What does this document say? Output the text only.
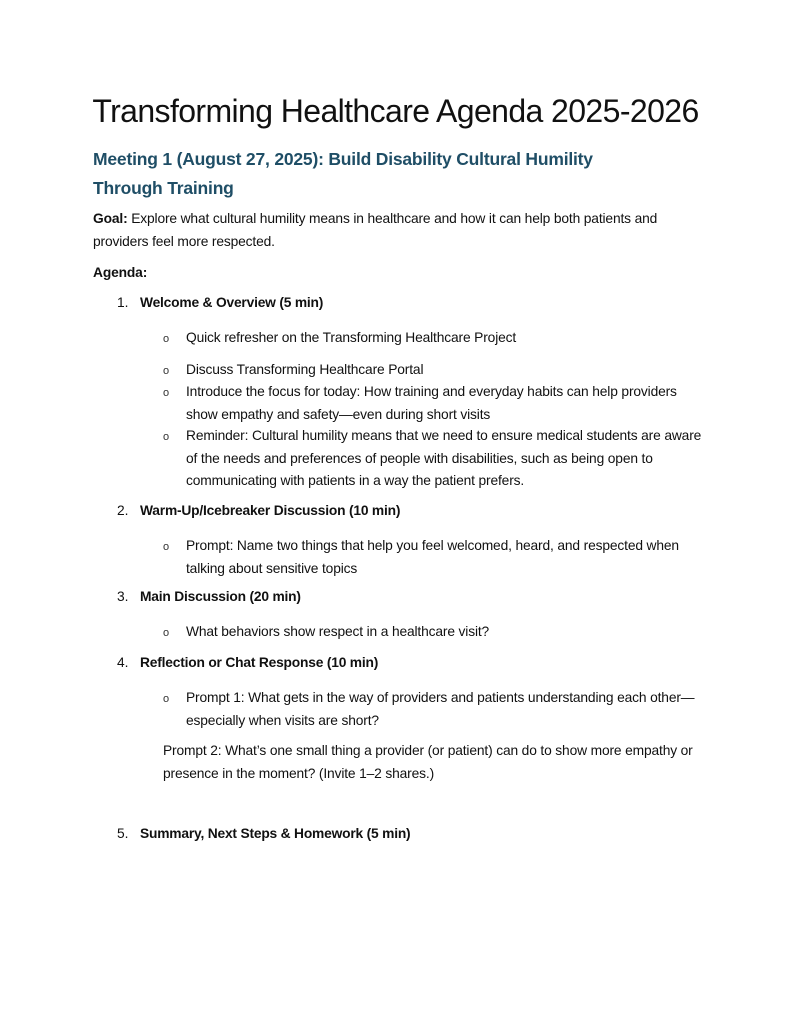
Transforming Healthcare Agenda 2025-2026
Meeting 1 (August 27, 2025): Build Disability Cultural Humility Through Training
Goal: Explore what cultural humility means in healthcare and how it can help both patients and providers feel more respected.
Agenda:
1. Welcome & Overview (5 min)
o Quick refresher on the Transforming Healthcare Project
o Discuss Transforming Healthcare Portal
o Introduce the focus for today: How training and everyday habits can help providers show empathy and safety—even during short visits
o Reminder: Cultural humility means that we need to ensure medical students are aware of the needs and preferences of people with disabilities, such as being open to communicating with patients in a way the patient prefers.
2. Warm-Up/Icebreaker Discussion (10 min)
o Prompt: Name two things that help you feel welcomed, heard, and respected when talking about sensitive topics
3. Main Discussion (20 min)
o What behaviors show respect in a healthcare visit?
4. Reflection or Chat Response (10 min)
o Prompt 1: What gets in the way of providers and patients understanding each other—especially when visits are short?
Prompt 2: What’s one small thing a provider (or patient) can do to show more empathy or presence in the moment? (Invite 1–2 shares.)
5. Summary, Next Steps & Homework (5 min)
